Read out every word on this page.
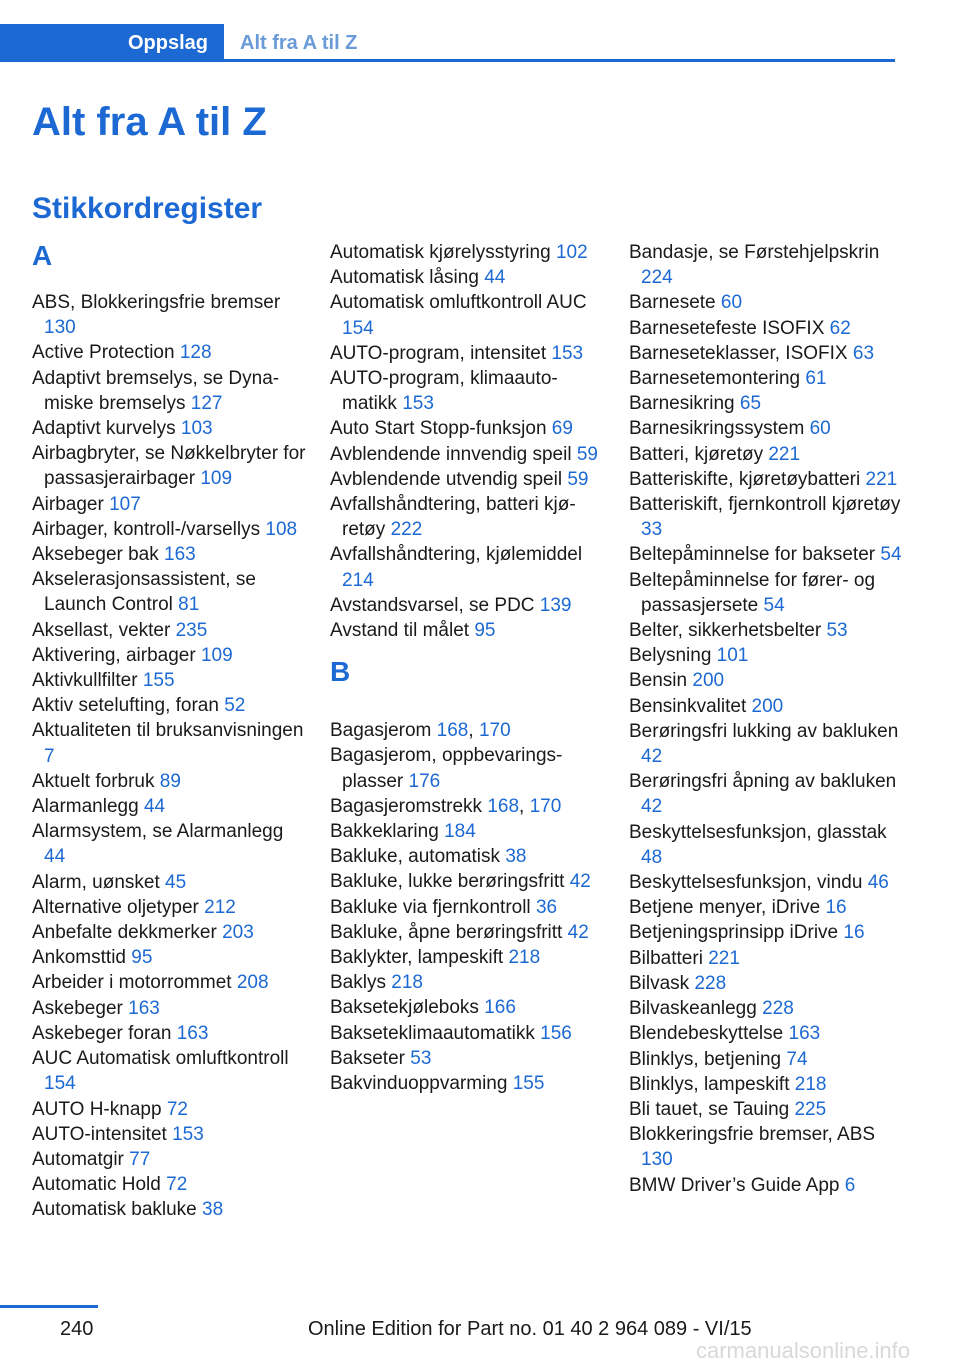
Oppslag	Alt fra A til Z
Alt fra A til Z
Stikkordregister
A
ABS, Blokkeringsfrie bremser 130
Active Protection 128
Adaptivt bremselys, se Dynamiske bremselys 127
Adaptivt kurvelys 103
Airbagbryter, se Nøkkelbryter for passasjerairbager 109
Airbager 107
Airbager, kontroll-/varsellys 108
Aksebeger bak 163
Akselerasjonsassistent, se Launch Control 81
Aksellast, vekter 235
Aktivering, airbager 109
Aktivkullfilter 155
Aktiv setelufting, foran 52
Aktualiteten til bruksanvisningen 7
Aktuelt forbruk 89
Alarmanlegg 44
Alarmsystem, se Alarmanlegg 44
Alarm, uønsket 45
Alternative oljetyper 212
Anbefalte dekkmerker 203
Ankomsttid 95
Arbeider i motorrommet 208
Askebeger 163
Askebeger foran 163
AUC Automatisk omluftkontroll 154
AUTO H-knapp 72
AUTO-intensitet 153
Automatgir 77
Automatic Hold 72
Automatisk bakluke 38
Automatisk kjørelysstyring 102
Automatisk låsing 44
Automatisk omluftkontroll AUC 154
AUTO-program, intensitet 153
AUTO-program, klimaautomatikk 153
Auto Start Stopp-funksjon 69
Avblendende innvendig speil 59
Avblendende utvendig speil 59
Avfallshåndtering, batteri kjøretøy 222
Avfallshåndtering, kjølemiddel 214
Avstandsvarsel, se PDC 139
Avstand til målet 95
B
Bagasjerom 168, 170
Bagasjerom, oppbevaringsplasser 176
Bagasjeromstrekk 168, 170
Bakkeklaring 184
Bakluke, automatisk 38
Bakluke, lukke berøringsfritt 42
Bakluke via fjernkontroll 36
Bakluke, åpne berøringsfritt 42
Baklykter, lampeskift 218
Baklys 218
Baksetekjøleboks 166
Bakseteklimaautomatikk 156
Bakseter 53
Bakvinduoppvarming 155
Bandasje, se Førstehjelpskrin 224
Barnesete 60
Barnesetefeste ISOFIX 62
Barneseteklasser, ISOFIX 63
Barnesetemontering 61
Barnesikring 65
Barnesikringssystem 60
Batteri, kjøretøy 221
Batteriskifte, kjøretøybatteri 221
Batteriskift, fjernkontroll kjøretøy 33
Beltepåminnelse for bakseter 54
Beltepåminnelse for fører- og passasjersete 54
Belter, sikkerhetsbelter 53
Belysning 101
Bensin 200
Bensinkvalitet 200
Berøringsfri lukking av bakluken 42
Berøringsfri åpning av bakluken 42
Beskyttelsesfunksjon, glasstak 48
Beskyttelsesfunksjon, vindu 46
Betjene menyer, iDrive 16
Betjeningsprinsipp iDrive 16
Bilbatteri 221
Bilvask 228
Bilvaskeanlegg 228
Blendebeskyttelse 163
Blinklys, betjening 74
Blinklys, lampeskift 218
Bli tauet, se Tauing 225
Blokkeringsfrie bremser, ABS 130
BMW Driver’s Guide App 6
240	Online Edition for Part no. 01 40 2 964 089 - VI/15
carmanualsonline.info
